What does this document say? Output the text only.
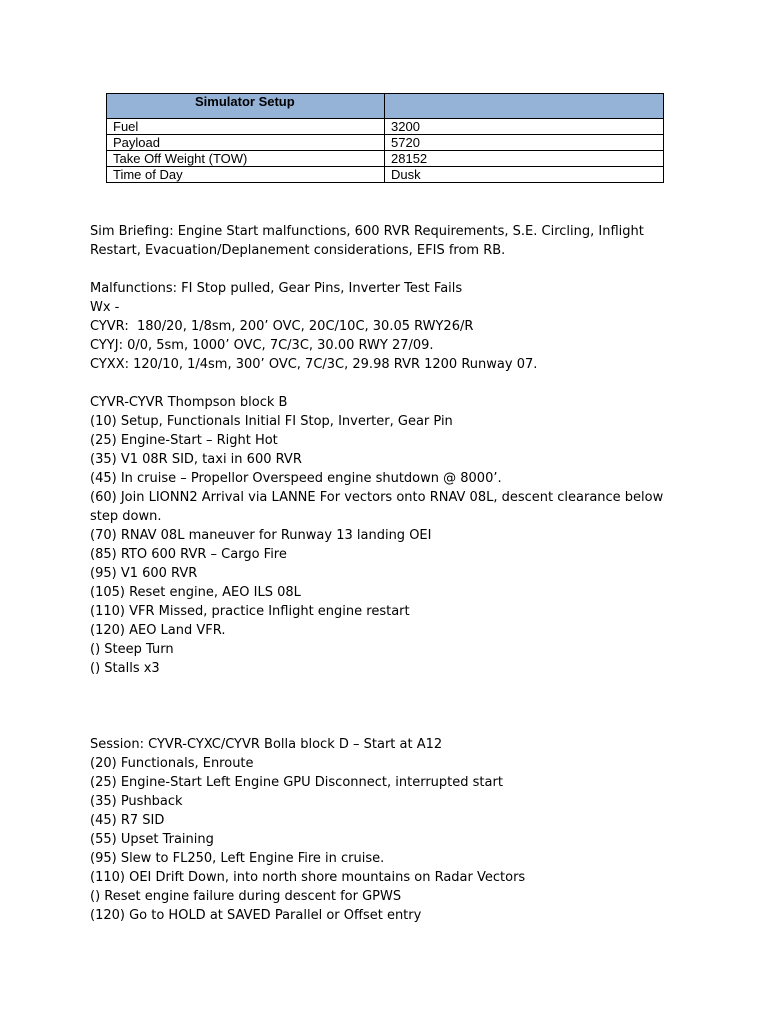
Simulator Setup	

Fuel	3200
Payload	5720
Take Off Weight (TOW)	28152
Time of Day	Dusk
Sim Briefing: Engine Start malfunctions, 600 RVR Requirements, S.E. Circling, Inflight Restart, Evacuation/Deplanement considerations, EFIS from RB.
Malfunctions: FI Stop pulled, Gear Pins, Inverter Test Fails
Wx -
CYVR:  180/20, 1/8sm, 200’ OVC, 20C/10C, 30.05 RWY26/R
CYYJ: 0/0, 5sm, 1000’ OVC, 7C/3C, 30.00 RWY 27/09.
CYXX: 120/10, 1/4sm, 300’ OVC, 7C/3C, 29.98 RVR 1200 Runway 07.
CYVR-CYVR Thompson block B
(10) Setup, Functionals Initial FI Stop, Inverter, Gear Pin
(25) Engine-Start – Right Hot
(35) V1 08R SID, taxi in 600 RVR
(45) In cruise – Propellor Overspeed engine shutdown @ 8000’.
(60) Join LIONN2 Arrival via LANNE For vectors onto RNAV 08L, descent clearance below step down.
(70) RNAV 08L maneuver for Runway 13 landing OEI
(85) RTO 600 RVR – Cargo Fire
(95) V1 600 RVR
(105) Reset engine, AEO ILS 08L
(110) VFR Missed, practice Inflight engine restart
(120) AEO Land VFR.
() Steep Turn
() Stalls x3
Session: CYVR-CYXC/CYVR Bolla block D – Start at A12
(20) Functionals, Enroute
(25) Engine-Start Left Engine GPU Disconnect, interrupted start
(35) Pushback
(45) R7 SID
(55) Upset Training
(95) Slew to FL250, Left Engine Fire in cruise.
(110) OEI Drift Down, into north shore mountains on Radar Vectors
() Reset engine failure during descent for GPWS
(120) Go to HOLD at SAVED Parallel or Offset entry
